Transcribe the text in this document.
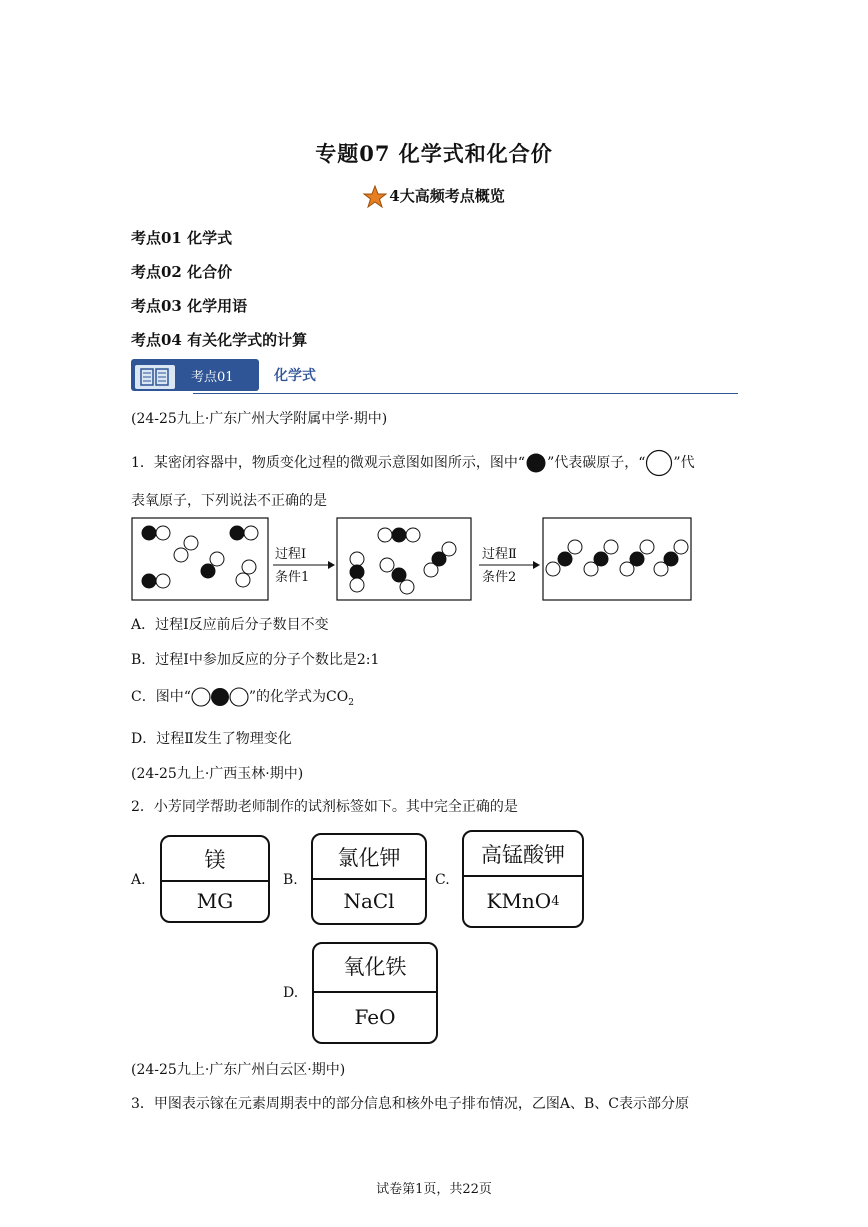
专题07 化学式和化合价
4大高频考点概览
考点01 化学式
考点02 化合价
考点03 化学用语
考点04 有关化学式的计算
考点01	化学式
(24-25九上·广东广州大学附属中学·期中)
1．某密闭容器中，物质变化过程的微观示意图如图所示，图中“ ”代表碳原子，“ ”代
表氧原子，下列说法不正确的是
过程Ⅰ
条件1
过程Ⅱ
条件2
A．过程Ⅰ反应前后分子数目不变
B．过程Ⅰ中参加反应的分子个数比是2:1
C．图中“	”的化学式为$CO_2$
D．过程Ⅱ发生了物理变化
(24-25九上·广西玉林·期中)
2．小芳同学帮助老师制作的试剂标签如下。其中完全正确的是
A.
镁
MG
B.
氯化钾
NaCl
C.
高锰酸钾
KMnO 4
D.
氧化铁
FeO
(24-25九上·广东广州白云区·期中)
3．甲图表示镓在元素周期表中的部分信息和核外电子排布情况，乙图A、B、C表示部分原
试卷第1页，共22页
